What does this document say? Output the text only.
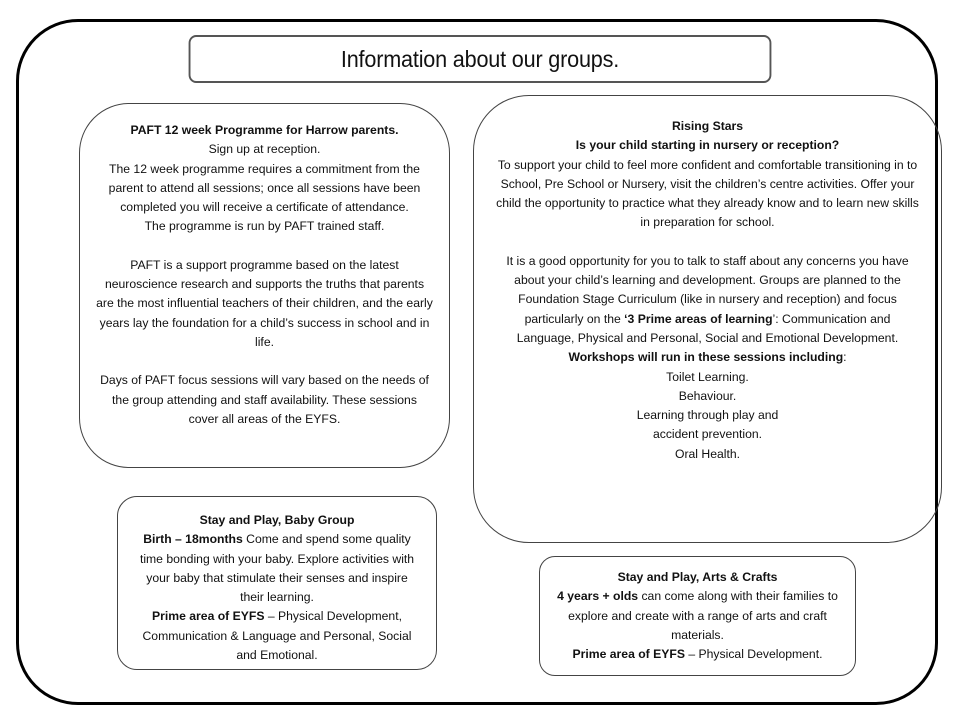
Information about our groups.

PAFT 12 week Programme for Harrow parents.

Sign up at reception.

The 12 week programme requires a commitment from the parent to attend all sessions; once all sessions have been completed you will receive a certificate of attendance.

The programme is run by PAFT trained staff.

PAFT is a support programme based on the latest neuroscience research and supports the truths that parents are the most influential teachers of their children, and the early years lay the foundation for a child’s success in school and in life.

Days of PAFT focus sessions will vary based on the needs of the group attending and staff availability. These sessions cover all areas of the EYFS.

Rising Stars

Is your child starting in nursery or reception?

To support your child to feel more confident and comfortable transitioning in to School, Pre School or Nursery, visit the children’s centre activities. Offer your child the opportunity to practice what they already know and to learn new skills in preparation for school.

It is a good opportunity for you to talk to staff about any concerns you have about your child’s learning and development. Groups are planned to the Foundation Stage Curriculum (like in nursery and reception) and focus particularly on the ‘3 Prime areas of learning’: Communication and Language, Physical and Personal, Social and Emotional Development.

Workshops will run in these sessions including:

Toilet Learning.

Behaviour.

Learning through play and

accident prevention.

Oral Health.

Stay and Play, Baby Group

Birth – 18months Come and spend some quality time bonding with your baby. Explore activities with your baby that stimulate their senses and inspire their learning.

Prime area of EYFS – Physical Development, Communication & Language and Personal, Social and Emotional.

Stay and Play, Arts & Crafts

4 years + olds can come along with their families to explore and create with a range of arts and craft materials.

Prime area of EYFS – Physical Development.
